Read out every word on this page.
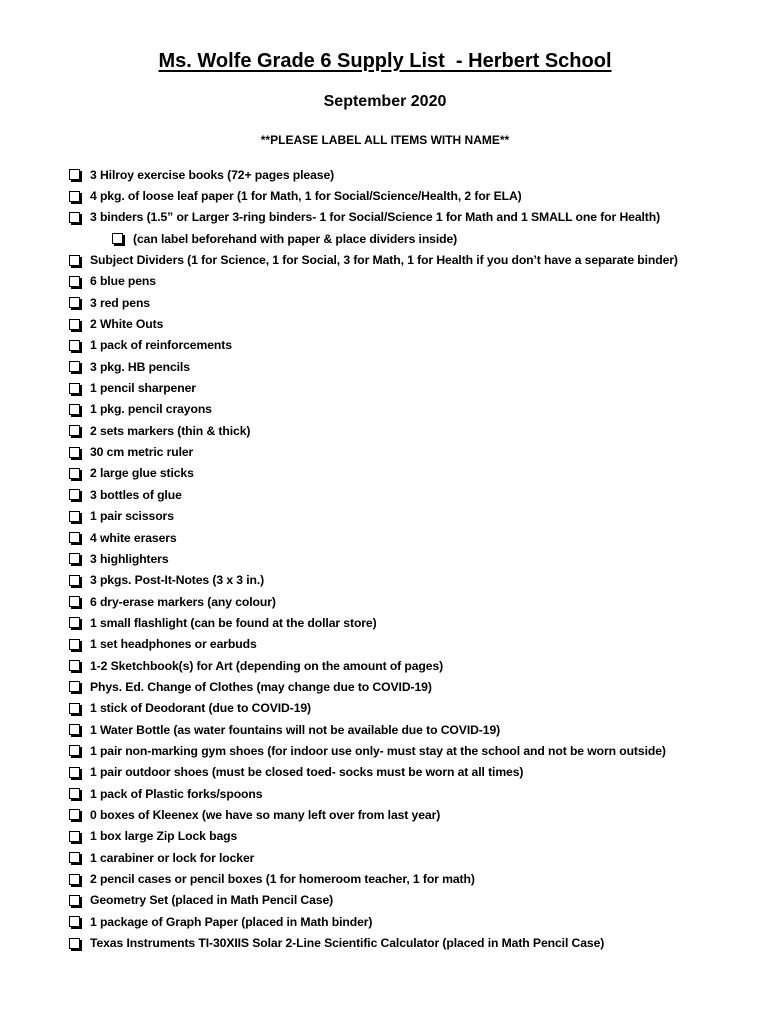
Ms. Wolfe Grade 6 Supply List  - Herbert School
September 2020

**PLEASE LABEL ALL ITEMS WITH NAME**

3 Hilroy exercise books (72+ pages please)
4 pkg. of loose leaf paper (1 for Math, 1 for Social/Science/Health, 2 for ELA)
3 binders (1.5” or Larger 3-ring binders- 1 for Social/Science 1 for Math and 1 SMALL one for Health)
(can label beforehand with paper & place dividers inside)
Subject Dividers (1 for Science, 1 for Social, 3 for Math, 1 for Health if you don’t have a separate binder)
6 blue pens
3 red pens
2 White Outs
1 pack of reinforcements
3 pkg. HB pencils
1 pencil sharpener
1 pkg. pencil crayons
2 sets markers (thin & thick)
30 cm metric ruler
2 large glue sticks
3 bottles of glue
1 pair scissors
4 white erasers
3 highlighters
3 pkgs. Post-It-Notes (3 x 3 in.)
6 dry-erase markers (any colour)
1 small flashlight (can be found at the dollar store)
1 set headphones or earbuds
1-2 Sketchbook(s) for Art (depending on the amount of pages)
Phys. Ed. Change of Clothes (may change due to COVID-19)
1 stick of Deodorant (due to COVID-19)
1 Water Bottle (as water fountains will not be available due to COVID-19)
1 pair non-marking gym shoes (for indoor use only- must stay at the school and not be worn outside)
1 pair outdoor shoes (must be closed toed- socks must be worn at all times)
1 pack of Plastic forks/spoons
0 boxes of Kleenex (we have so many left over from last year)
1 box large Zip Lock bags
1 carabiner or lock for locker
2 pencil cases or pencil boxes (1 for homeroom teacher, 1 for math)
Geometry Set (placed in Math Pencil Case)
1 package of Graph Paper (placed in Math binder)
Texas Instruments TI-30XIIS Solar 2-Line Scientific Calculator (placed in Math Pencil Case)
